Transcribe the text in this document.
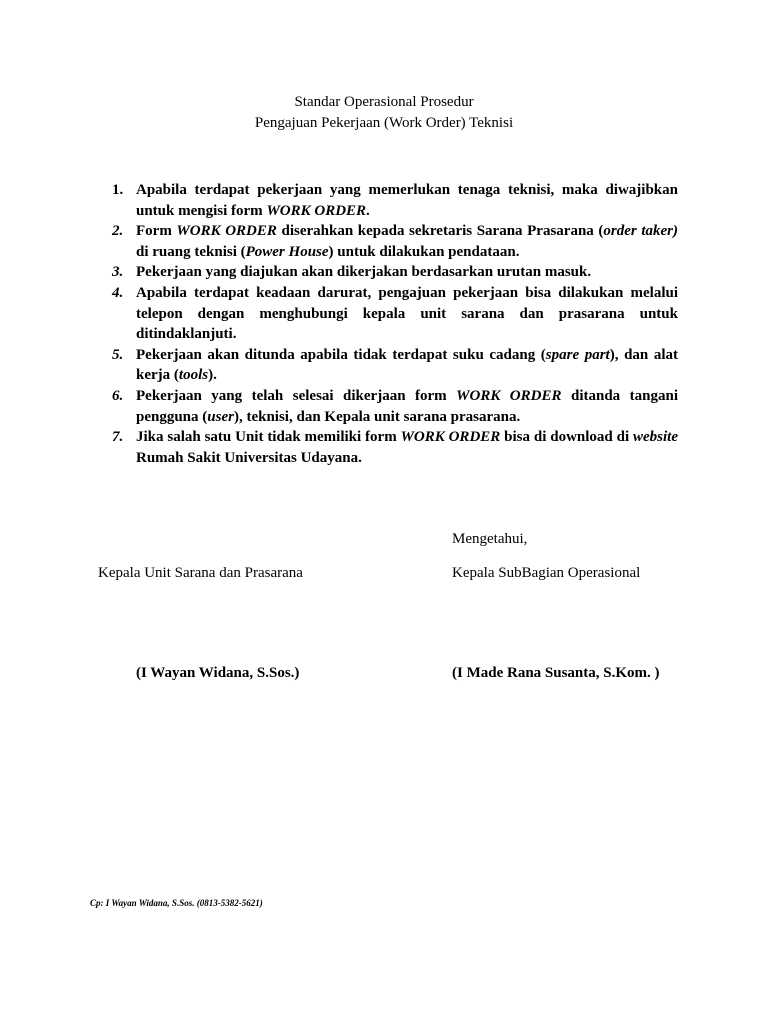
Standar Operasional Prosedur
Pengajuan Pekerjaan (Work Order) Teknisi
1. Apabila terdapat pekerjaan yang memerlukan tenaga teknisi, maka diwajibkan untuk mengisi form WORK ORDER.
2. Form WORK ORDER diserahkan kepada sekretaris Sarana Prasarana (order taker) di ruang teknisi (Power House) untuk dilakukan pendataan.
3. Pekerjaan yang diajukan akan dikerjakan berdasarkan urutan masuk.
4. Apabila terdapat keadaan darurat, pengajuan pekerjaan bisa dilakukan melalui telepon dengan menghubungi kepala unit sarana dan prasarana untuk ditindaklanjuti.
5. Pekerjaan akan ditunda apabila tidak terdapat suku cadang (spare part), dan alat kerja (tools).
6. Pekerjaan yang telah selesai dikerjaan form WORK ORDER ditanda tangani pengguna (user), teknisi, dan Kepala unit sarana prasarana.
7. Jika salah satu Unit tidak memiliki form WORK ORDER bisa di download di website Rumah Sakit Universitas Udayana.
Mengetahui,
Kepala Unit Sarana dan Prasarana	Kepala SubBagian Operasional
(I Wayan Widana, S.Sos.)	(I Made Rana Susanta, S.Kom. )
Cp: I Wayan Widana, S.Sos. (0813-5382-5621)
